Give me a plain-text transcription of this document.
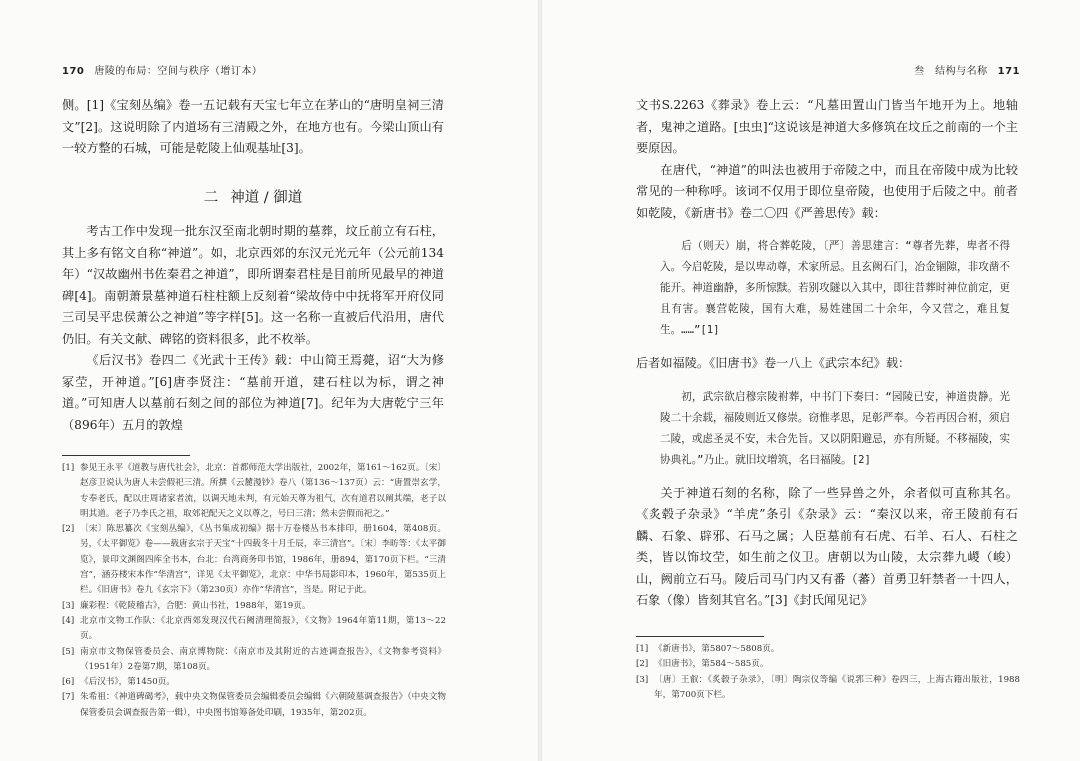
170 唐陵的布局：空间与秩序（增订本）

侧。[1]《宝刻丛编》卷一五记载有天宝七年立在茅山的“唐明皇祠三清文”[2]。这说明除了内道场有三清殿之外，在地方也有。今梁山顶山有一较方整的石城，可能是乾陵上仙观基址[3]。

二 神道 / 御道

考古工作中发现一批东汉至南北朝时期的墓葬，坟丘前立有石柱，其上多有铭文自称“神道”。如，北京西郊的东汉元光元年（公元前134年）“汉故幽州书佐秦君之神道”，即所谓秦君柱是目前所见最早的神道碑[4]。南朝萧景墓神道石柱柱额上反刻着“梁故侍中中抚将军开府仪同三司吴平忠侯萧公之神道”等字样[5]。这一名称一直被后代沿用，唐代仍旧。有关文献、碑铭的资料很多，此不枚举。

《后汉书》卷四二《光武十王传》载：中山简王焉薨，诏“大为修冢茔，开神道。”[6]唐李贤注：“墓前开道，建石柱以为标，谓之神道。”可知唐人以墓前石刻之间的部位为神道[7]。纪年为大唐乾宁三年（896年）五月的敦煌

[1] 参见王永平《道教与唐代社会》，北京：首都师范大学出版社，2002年，第161～162页。〔宋〕赵彦卫说认为唐人未尝假祀三清。所撰《云麓漫钞》卷八（第136～137页）云：“唐置崇玄学，专奉老氏，配以庄周诸家者流，以调天地未判，有元始天尊为祖气，次有道君以阐其端，老子以明其道。老子乃李氏之祖，取郊祀配天之义以尊之，号曰三清；然未尝假而祀之。”
[2] 〔宋〕陈思纂次《宝刻丛编》，《丛书集成初编》据十万卷楼丛书本排印，册1604，第408页。另，《太平御览》卷——载唐玄宗于天宝“十四载冬十月壬辰，幸三清宫”。〔宋〕李昉等：《太平御览》，景印文渊阁四库全书本，台北：台湾商务印书馆，1986年，册894，第170页下栏。“三清宫”，涵芬楼宋本作“华清宫”，详见《太平御览》，北京：中华书局影印本，1960年，第535页上栏。《旧唐书》卷九《玄宗下》（第230页）亦作“华清宫”，当是。附记于此。
[3] 廉彩程：《乾陵稽古》，合肥：黄山书社，1988年，第19页。
[4] 北京市文物工作队：《北京西郊发现汉代石阙清理简报》，《文物》1964年第11期，第13～22页。
[5] 南京市文物保管委员会、南京博物院：《南京市及其附近的古迹调查报告》，《文物参考资料》（1951年）2卷第7期，第108页。
[6] 《后汉书》，第1450页。
[7] 朱希祖：《神道碑碣考》，载中央文物保管委员会编辑委员会编辑《六朝陵墓调查报告》（中央文物保管委员会调查报告第一辑），中央图书馆筹备处印刷，1935年，第202页。
叁　结构与名称 171

文书S.2263《葬录》卷上云：“凡墓田置山门皆当午地开为上。地轴者，鬼神之道路。[虫虫]“这说该是神道大多修筑在坟丘之前南的一个主要原因。

在唐代，“神道”的叫法也被用于帝陵之中，而且在帝陵中成为比较常见的一种称呼。该词不仅用于即位皇帝陵，也使用于后陵之中。前者如乾陵，《新唐书》卷二〇四《严善思传》载：

后（则天）崩，将合葬乾陵，〔严〕善思建言：“尊者先葬，卑者不得入。今启乾陵，是以卑动尊，术家所忌。且玄阙石门，冶金锢隙，非攻凿不能开。神道幽静，多所惊黩。若别攻隧以入其中，即往昔葬时神位前定，更且有害。襄营乾陵，国有大难，易姓建国二十余年，今又营之，难且复生。……”[1]

后者如福陵。《旧唐书》卷一八上《武宗本纪》载：

初，武宗欲启穆宗陵祔葬，中书门下奏曰：“园陵已安，神道贵静。光陵二十余载，福陵则近又修崇。窃惟孝思，足彰严奉。今若再因合祔，须启二陵，或虑圣灵不安，未合先旨。又以阴阳避忌，亦有所疑。不移福陵，实协典礼。”乃止。就旧坟增筑，名曰福陵。[2]

关于神道石刻的名称，除了一些异兽之外，余者似可直称其名。《炙毂子杂录》“羊虎”条引《杂录》云：“秦汉以来，帝王陵前有石麟、石象、辟邪、石马之属；人臣墓前有石虎、石羊、石人、石柱之类，皆以饰坟茔，如生前之仪卫。唐朝以为山陵，太宗葬九嵕（峻）山，阙前立石马。陵后司马门内又有番（蕃）首勇卫轩禁者一十四人，石象（像）皆刻其官名。”[3]《封氏闻见记》

[1] 《新唐书》，第5807～5808页。
[2] 《旧唐书》，第584～585页。
[3] 〔唐〕王叡：《炙毂子杂录》，〔明〕陶宗仪等编《说郛三种》卷四三，上海古籍出版社，1988年，第700页下栏。
